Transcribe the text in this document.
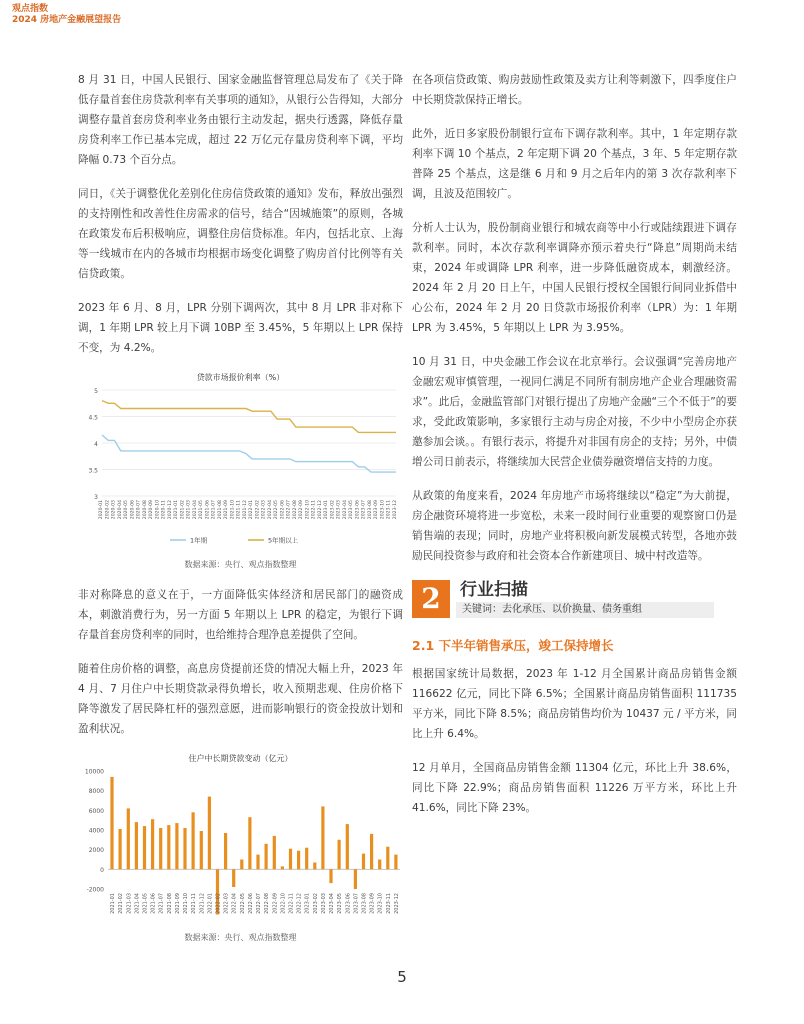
观点指数
2024 房地产金融展望报告

8 月 31 日，中国人民银行、国家金融监督管理总局发布了《关于降低存量首套住房贷款利率有关事项的通知》，从银行公告得知，大部分调整存量首套房贷利率业务由银行主动发起，据央行透露，降低存量房贷利率工作已基本完成，超过 22 万亿元存量房贷利率下调，平均降幅 0.73 个百分点。

同日，《关于调整优化差别化住房信贷政策的通知》发布，释放出强烈的支持刚性和改善性住房需求的信号，结合“因城施策”的原则，各城在政策发布后积极响应，调整住房信贷标准。年内，包括北京、上海等一线城市在内的各城市均根据市场变化调整了购房首付比例等有关信贷政策。

2023 年 6 月、8 月，LPR 分别下调两次，其中 8 月 LPR 非对称下调，1 年期 LPR 较上月下调 10BP 至 3.45%，5 年期以上 LPR 保持不变，为 4.2%。

贷款市场报价利率（%）
3
3.5
4
4.5
5
2020-01 2020-02 2020-03 2020-04 2020-05 2020-06 2020-07 2020-08 2020-09 2020-10 2020-11 2020-12 2021-01 2021-02 2021-03 2021-04 2021-05 2021-06 2021-07 2021-08 2021-09 2021-10 2021-11 2021-12 2022-01 2022-02 2022-03 2022-04 2022-05 2022-06 2022-07 2022-08 2022-09 2022-10 2022-11 2022-12 2023-01 2023-02 2023-03 2023-04 2023-05 2023-06 2023-07 2023-08 2023-09 2023-10 2023-11 2023-12
1年期	5年期以上
数据来源：央行、观点指数整理

非对称降息的意义在于，一方面降低实体经济和居民部门的融资成本，刺激消费行为，另一方面 5 年期以上 LPR 的稳定，为银行下调存量首套房贷利率的同时，也给维持合理净息差提供了空间。

随着住房价格的调整，高息房贷提前还贷的情况大幅上升，2023 年 4 月、7 月住户中长期贷款录得负增长，收入预期悲观、住房价格下降等激发了居民降杠杆的强烈意愿，进而影响银行的资金投放计划和盈利状况。

住户中长期贷款变动（亿元）
-2000
0
2000
4000
6000
8000
10000
2021-01 2021-02 2021-03 2021-04 2021-05 2021-06 2021-07 2021-08 2021-09 2021-10 2021-11 2021-12 2022-01 2022-02 2022-03 2022-04 2022-05 2022-06 2022-07 2022-08 2022-09 2022-10 2022-11 2022-12 2023-01 2023-02 2023-03 2023-04 2023-05 2023-06 2023-07 2023-08 2023-09 2023-10 2023-11 2023-12
数据来源：央行、观点指数整理

在各项信贷政策、购房鼓励性政策及卖方让利等刺激下，四季度住户中长期贷款保持正增长。

此外，近日多家股份制银行宣布下调存款利率。其中，1 年定期存款利率下调 10 个基点，2 年定期下调 20 个基点，3 年、5 年定期存款普降 25 个基点，这是继 6 月和 9 月之后年内的第 3 次存款利率下调，且波及范围较广。

分析人士认为，股份制商业银行和城农商等中小行或陆续跟进下调存款利率。同时，本次存款利率调降亦预示着央行“降息”周期尚未结束，2024 年或调降 LPR 利率，进一步降低融资成本，刺激经济。2024 年 2 月 20 日上午，中国人民银行授权全国银行间同业拆借中心公布，2024 年 2 月 20 日贷款市场报价利率（LPR）为：1 年期 LPR 为 3.45%，5 年期以上 LPR 为 3.95%。

10 月 31 日，中央金融工作会议在北京举行。会议强调“完善房地产金融宏观审慎管理，一视同仁满足不同所有制房地产企业合理融资需求”。此后，金融监管部门对银行提出了房地产金融“三个不低于”的要求，受此政策影响，多家银行主动与房企对接，不少中小型房企亦获邀参加会谈。。有银行表示，将提升对非国有房企的支持；另外，中债增公司日前表示，将继续加大民营企业债券融资增信支持的力度。

从政策的角度来看，2024 年房地产市场将继续以“稳定”为大前提，房企融资环境将进一步宽松，未来一段时间行业重要的观察窗口仍是销售端的表现；同时，房地产业将积极向新发展模式转型，各地亦鼓励民间投资参与政府和社会资本合作新建项目、城中村改造等。

2	行业扫描
关键词：去化承压、以价换量、债务重组
2.1 下半年销售承压，竣工保持增长

根据国家统计局数据，2023 年 1-12 月全国累计商品房销售金额 116622 亿元，同比下降 6.5%；全国累计商品房销售面积 111735 平方米，同比下降 8.5%；商品房销售均价为 10437 元 / 平方米，同比上升 6.4%。

12 月单月，全国商品房销售金额 11304 亿元，环比上升 38.6%，同比下降 22.9%；商品房销售面积 11226 万平方米，环比上升 41.6%，同比下降 23%。

5
